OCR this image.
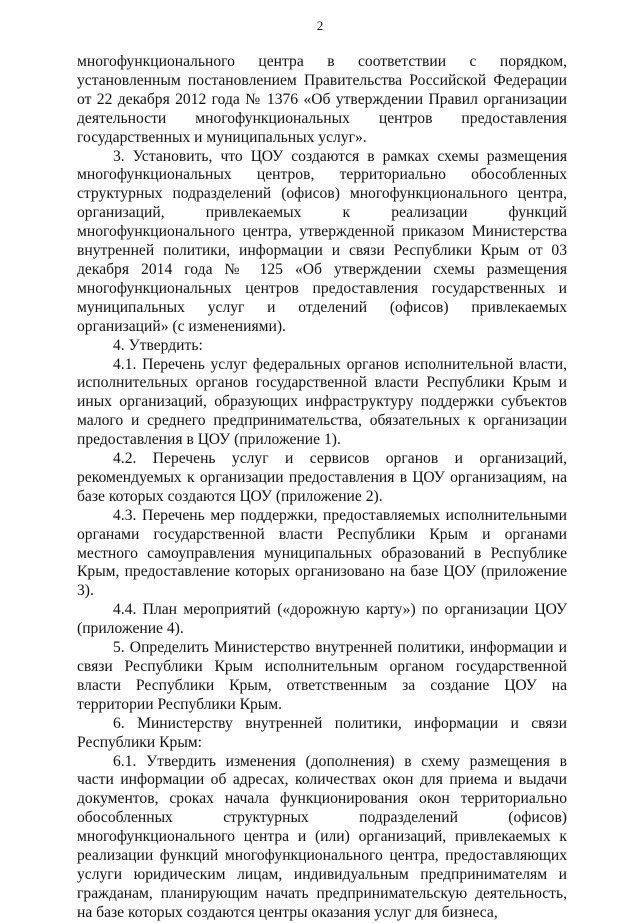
2

многофункционального центра в соответствии с порядком, установленным постановлением Правительства Российской Федерации от 22 декабря 2012 года № 1376 «Об утверждении Правил организации деятельности многофункциональных центров предоставления государственных и муниципальных услуг».

3. Установить, что ЦОУ создаются в рамках схемы размещения многофункциональных центров, территориально обособленных структурных подразделений (офисов) многофункционального центра, организаций, привлекаемых к реализации функций многофункционального центра, утвержденной приказом Министерства внутренней политики, информации и связи Республики Крым от 03 декабря 2014 года № 125 «Об утверждении схемы размещения многофункциональных центров предоставления государственных и муниципальных услуг и отделений (офисов) привлекаемых организаций» (с изменениями).

4. Утвердить:

4.1. Перечень услуг федеральных органов исполнительной власти, исполнительных органов государственной власти Республики Крым и иных организаций, образующих инфраструктуру поддержки субъектов малого и среднего предпринимательства, обязательных к организации предоставления в ЦОУ (приложение 1).

4.2. Перечень услуг и сервисов органов и организаций, рекомендуемых к организации предоставления в ЦОУ организациям, на базе которых создаются ЦОУ (приложение 2).

4.3. Перечень мер поддержки, предоставляемых исполнительными органами государственной власти Республики Крым и органами местного самоуправления муниципальных образований в Республике Крым, предоставление которых организовано на базе ЦОУ (приложение 3).

4.4. План мероприятий («дорожную карту») по организации ЦОУ (приложение 4).

5. Определить Министерство внутренней политики, информации и связи Республики Крым исполнительным органом государственной власти Республики Крым, ответственным за создание ЦОУ на территории Республики Крым.

6. Министерству внутренней политики, информации и связи Республики Крым:

6.1. Утвердить изменения (дополнения) в схему размещения в части информации об адресах, количествах окон для приема и выдачи документов, сроках начала функционирования окон территориально обособленных структурных подразделений (офисов) многофункционального центра и (или) организаций, привлекаемых к реализации функций многофункционального центра, предоставляющих услуги юридическим лицам, индивидуальным предпринимателям и гражданам, планирующим начать предпринимательскую деятельность, на базе которых создаются центры оказания услуг для бизнеса,
